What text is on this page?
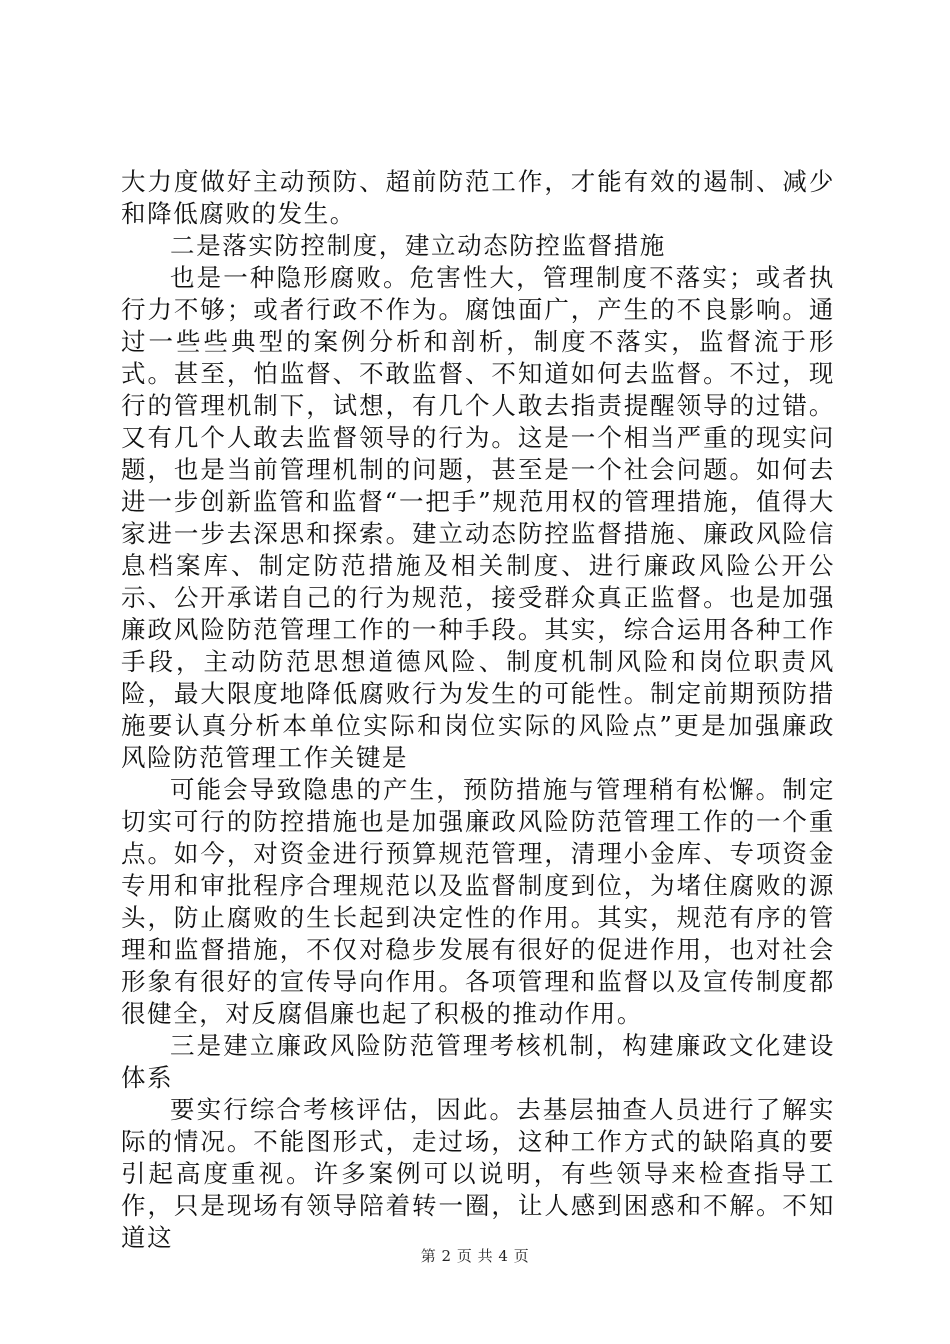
大力度做好主动预防、超前防范工作，才能有效的遏制、减少和降低腐败的发生。

二是落实防控制度，建立动态防控监督措施

也是一种隐形腐败。危害性大，管理制度不落实；或者执行力不够；或者行政不作为。腐蚀面广，产生的不良影响。通过一些些典型的案例分析和剖析，制度不落实，监督流于形式。甚至，怕监督、不敢监督、不知道如何去监督。不过，现行的管理机制下，试想，有几个人敢去指责提醒领导的过错。又有几个人敢去监督领导的行为。这是一个相当严重的现实问题，也是当前管理机制的问题，甚至是一个社会问题。如何去进一步创新监管和监督“一把手”规范用权的管理措施，值得大家进一步去深思和探索。建立动态防控监督措施、廉政风险信息档案库、制定防范措施及相关制度、进行廉政风险公开公示、公开承诺自己的行为规范，接受群众真正监督。也是加强廉政风险防范管理工作的一种手段。其实，综合运用各种工作手段，主动防范思想道德风险、制度机制风险和岗位职责风险，最大限度地降低腐败行为发生的可能性。制定前期预防措施要认真分析本单位实际和岗位实际的风险点”更是加强廉政风险防范管理工作关键是

可能会导致隐患的产生，预防措施与管理稍有松懈。制定切实可行的防控措施也是加强廉政风险防范管理工作的一个重点。如今，对资金进行预算规范管理，清理小金库、专项资金专用和审批程序合理规范以及监督制度到位，为堵住腐败的源头，防止腐败的生长起到决定性的作用。其实，规范有序的管理和监督措施，不仅对稳步发展有很好的促进作用，也对社会形象有很好的宣传导向作用。各项管理和监督以及宣传制度都很健全，对反腐倡廉也起了积极的推动作用。

三是建立廉政风险防范管理考核机制，构建廉政文化建设体系

要实行综合考核评估，因此。去基层抽查人员进行了解实际的情况。不能图形式，走过场，这种工作方式的缺陷真的要引起高度重视。许多案例可以说明，有些领导来检查指导工作，只是现场有领导陪着转一圈，让人感到困惑和不解。不知道这

第 2 页 共 4 页
